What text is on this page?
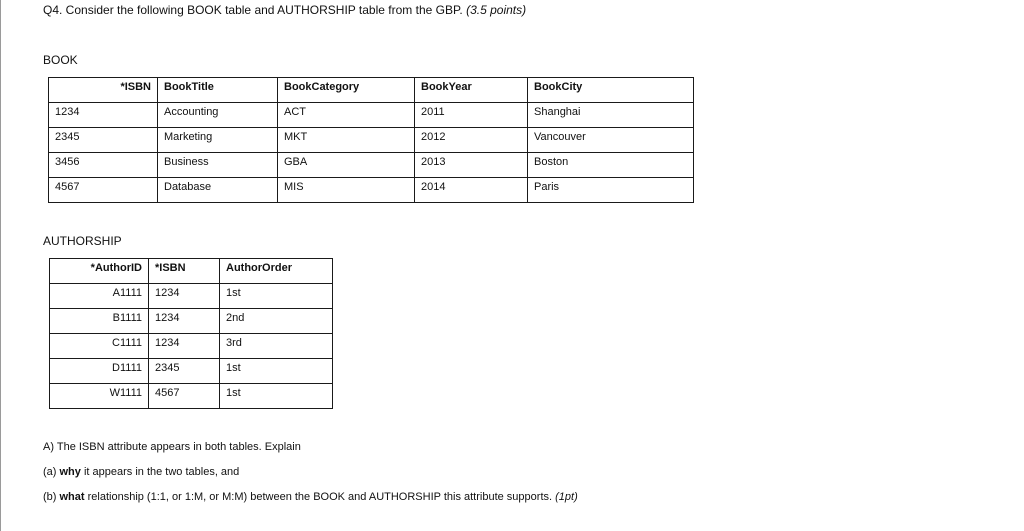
Q4. Consider the following BOOK table and AUTHORSHIP table from the GBP. (3.5 points)
BOOK
*ISBN	BookTitle	BookCategory	BookYear	BookCity
1234	Accounting	ACT	2011	Shanghai
2345	Marketing	MKT	2012	Vancouver
3456	Business	GBA	2013	Boston
4567	Database	MIS	2014	Paris
AUTHORSHIP
*AuthorID	*ISBN	AuthorOrder
A1111	1234	1st
B1111	1234	2nd
C1111	1234	3rd
D1111	2345	1st
W1111	4567	1st
A) The ISBN attribute appears in both tables. Explain
(a) why it appears in the two tables, and
(b) what relationship (1:1, or 1:M, or M:M) between the BOOK and AUTHORSHIP this attribute supports. (1pt)
